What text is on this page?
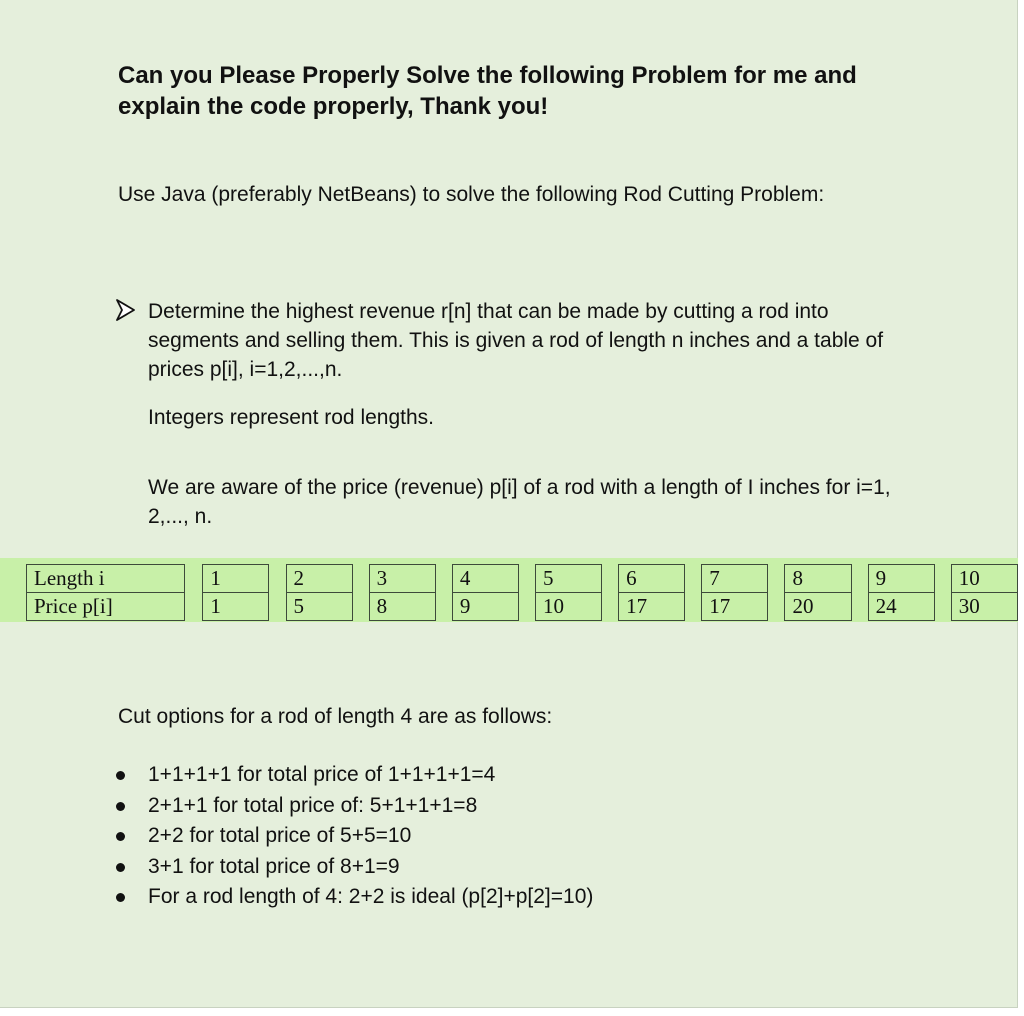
Can you Please Properly Solve the following Problem for me and explain the code properly, Thank you!

Use Java (preferably NetBeans) to solve the following Rod Cutting Problem:

Determine the highest revenue r[n] that can be made by cutting a rod into segments and selling them. This is given a rod of length n inches and a table of prices p[i], i=1,2,...,n.

Integers represent rod lengths.

We are aware of the price (revenue) p[i] of a rod with a length of I inches for i=1, 2,..., n.

Length i		1		2		3		4		5		6		7		8		9		10
Price p[i]		1		5		8		9		10		17		17		20		24		30

Cut options for a rod of length 4 are as follows:

1+1+1+1 for total price of 1+1+1+1=4
2+1+1 for total price of: 5+1+1+1=8
2+2 for total price of 5+5=10
3+1 for total price of 8+1=9
For a rod length of 4: 2+2 is ideal (p[2]+p[2]=10)
